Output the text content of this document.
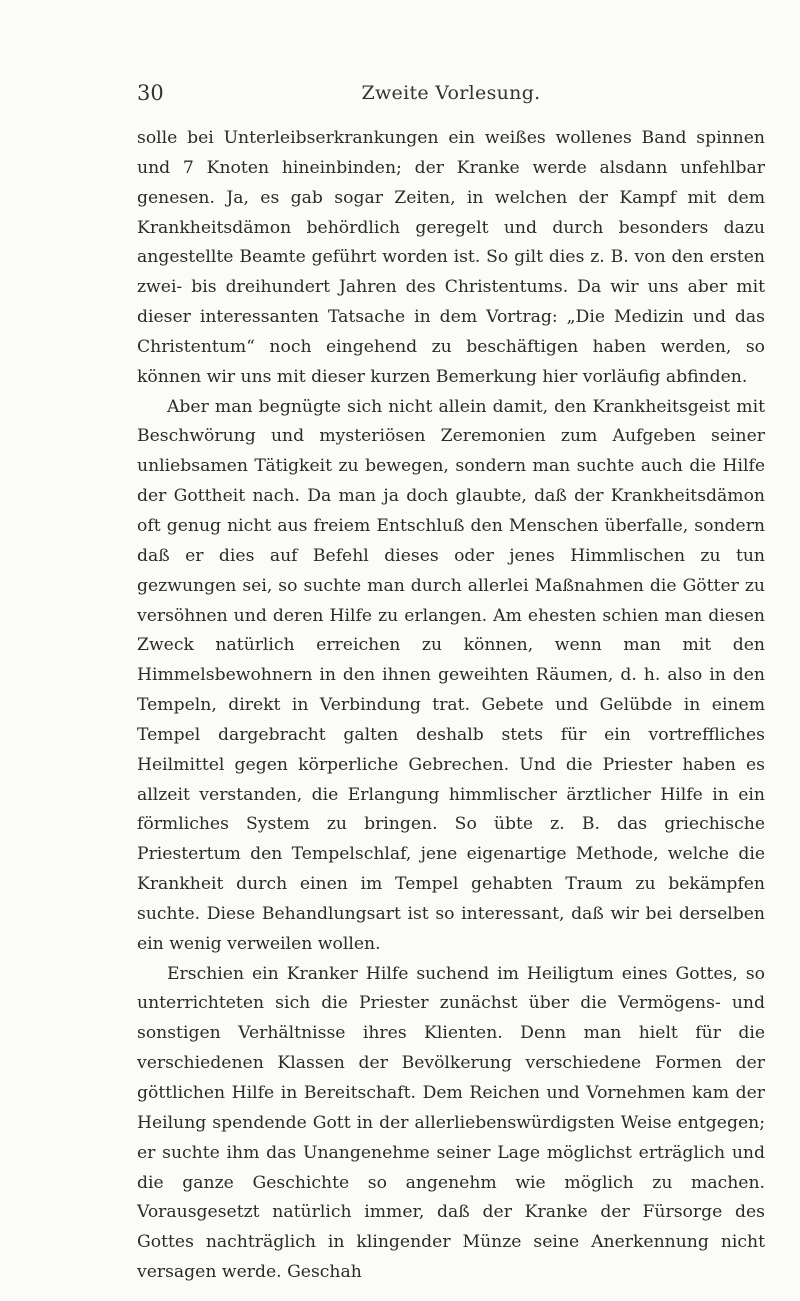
30	Zweite Vorlesung.

solle bei Unterleibserkrankungen ein weißes wollenes Band spinnen und 7 Knoten hineinbinden; der Kranke werde alsdann unfehlbar genesen. Ja, es gab sogar Zeiten, in welchen der Kampf mit dem Krankheitsdämon behördlich geregelt und durch besonders dazu angestellte Beamte geführt worden ist. So gilt dies z. B. von den ersten zwei- bis dreihundert Jahren des Christentums. Da wir uns aber mit dieser interessanten Tatsache in dem Vortrag: „Die Medizin und das Christentum“ noch eingehend zu beschäftigen haben werden, so können wir uns mit dieser kurzen Bemerkung hier vorläufig abfinden.

Aber man begnügte sich nicht allein damit, den Krankheitsgeist mit Beschwörung und mysteriösen Zeremonien zum Aufgeben seiner unliebsamen Tätigkeit zu bewegen, sondern man suchte auch die Hilfe der Gottheit nach. Da man ja doch glaubte, daß der Krankheitsdämon oft genug nicht aus freiem Entschluß den Menschen überfalle, sondern daß er dies auf Befehl dieses oder jenes Himmlischen zu tun gezwungen sei, so suchte man durch allerlei Maßnahmen die Götter zu versöhnen und deren Hilfe zu erlangen. Am ehesten schien man diesen Zweck natürlich erreichen zu können, wenn man mit den Himmelsbewohnern in den ihnen geweihten Räumen, d. h. also in den Tempeln, direkt in Verbindung trat. Gebete und Gelübde in einem Tempel dargebracht galten deshalb stets für ein vortreffliches Heilmittel gegen körperliche Gebrechen. Und die Priester haben es allzeit verstanden, die Erlangung himmlischer ärztlicher Hilfe in ein förmliches System zu bringen. So übte z. B. das griechische Priestertum den Tempelschlaf, jene eigenartige Methode, welche die Krankheit durch einen im Tempel gehabten Traum zu bekämpfen suchte. Diese Behandlungsart ist so interessant, daß wir bei derselben ein wenig verweilen wollen.

Erschien ein Kranker Hilfe suchend im Heiligtum eines Gottes, so unterrichteten sich die Priester zunächst über die Vermögens- und sonstigen Verhältnisse ihres Klienten. Denn man hielt für die verschiedenen Klassen der Bevölkerung verschiedene Formen der göttlichen Hilfe in Bereitschaft. Dem Reichen und Vornehmen kam der Heilung spendende Gott in der allerliebenswürdigsten Weise entgegen; er suchte ihm das Unangenehme seiner Lage möglichst erträglich und die ganze Geschichte so angenehm wie möglich zu machen. Vorausgesetzt natürlich immer, daß der Kranke der Fürsorge des Gottes nachträglich in klingender Münze seine Anerkennung nicht versagen werde. Geschah
